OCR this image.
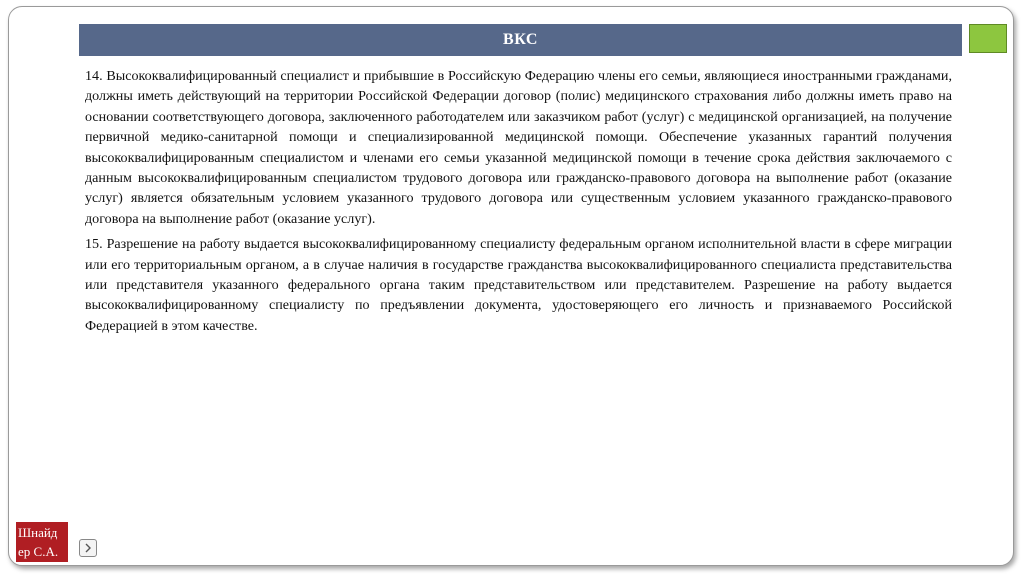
ВКС

14. Высококвалифицированный специалист и прибывшие в Российскую Федерацию члены его семьи, являющиеся иностранными гражданами, должны иметь действующий на территории Российской Федерации договор (полис) медицинского страхования либо должны иметь право на основании соответствующего договора, заключенного работодателем или заказчиком работ (услуг) с медицинской организацией, на получение первичной медико-санитарной помощи и специализированной медицинской помощи. Обеспечение указанных гарантий получения высококвалифицированным специалистом и членами его семьи указанной медицинской помощи в течение срока действия заключаемого с данным высококвалифицированным специалистом трудового договора или гражданско-правового договора на выполнение работ (оказание услуг) является обязательным условием указанного трудового договора или существенным условием указанного гражданско-правового договора на выполнение работ (оказание услуг).

15. Разрешение на работу выдается высококвалифицированному специалисту федеральным органом исполнительной власти в сфере миграции или его территориальным органом, а в случае наличия в государстве гражданства высококвалифицированного специалиста представительства или представителя указанного федерального органа таким представительством или представителем. Разрешение на работу выдается высококвалифицированному специалисту по предъявлении документа, удостоверяющего его личность и признаваемого Российской Федерацией в этом качестве.

Шнайд
ер С.А.
